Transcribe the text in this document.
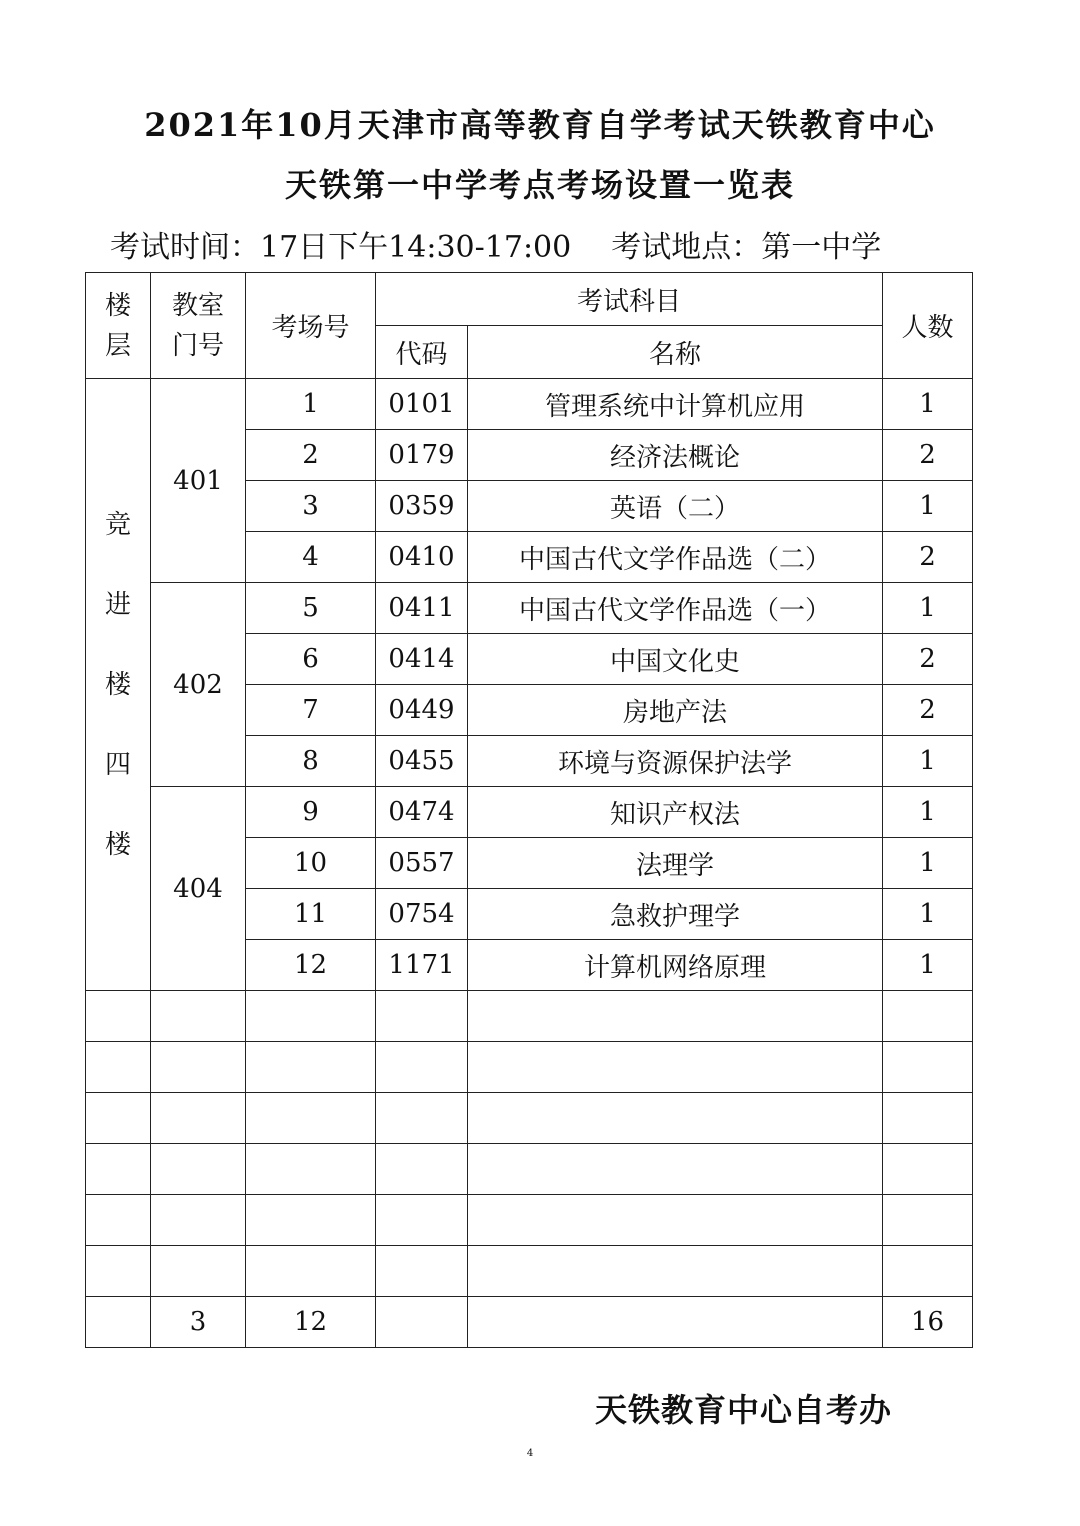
2021年10月天津市高等教育自学考试天铁教育中心
天铁第一中学考点考场设置一览表
考试时间：17日下午14:30-17:00 考试地点：第一中学
楼层	教室门号	考场号	考试科目		人数
			代码	名称	

竞进楼四楼	401	1	0101	管理系统中计算机应用	1
		2	0179	经济法概论	2
		3	0359	英语（二）	1
		4	0410	中国古代文学作品选（二）	2
	402	5	0411	中国古代文学作品选（一）	1
		6	0414	中国文化史	2
		7	0449	房地产法	2
		8	0455	环境与资源保护法学	1
	404	9	0474	知识产权法	1
		10	0557	法理学	1
		11	0754	急救护理学	1
		12	1171	计算机网络原理	1

	3	12			16
天铁教育中心自考办
4
